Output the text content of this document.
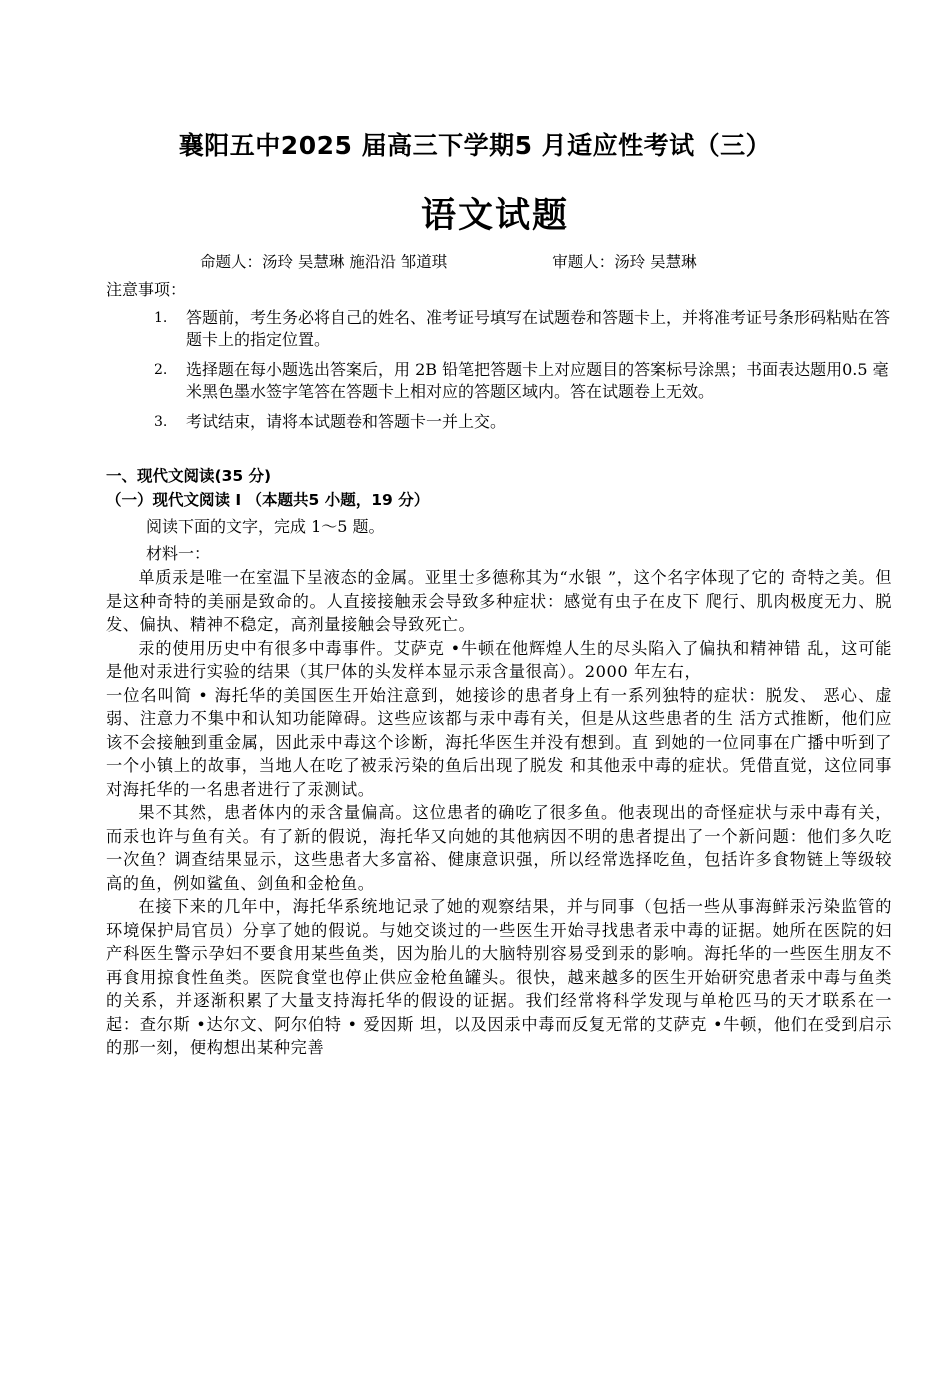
襄阳五中2025 届高三下学期5 月适应性考试（三）
语文试题
命题人：汤玲 吴慧琳 施沿沿 邹道琪	审题人：汤玲 吴慧琳
注意事项：
1. 答题前，考生务必将自己的姓名、准考证号填写在试题卷和答题卡上，并将准考证号条形码粘贴在答题卡上的指定位置。
2. 选择题在每小题选出答案后，用 2B 铅笔把答题卡上对应题目的答案标号涂黑；书面表达题用0.5 毫米黑色墨水签字笔答在答题卡上相对应的答题区域内。答在试题卷上无效。
3. 考试结束，请将本试题卷和答题卡一并上交。
一、现代文阅读(35 分)
（一）现代文阅读 Ⅰ （本题共5 小题，19 分）
阅读下面的文字，完成 1～5 题。
材料一：

单质汞是唯一在室温下呈液态的金属。亚里士多德称其为“水银 ”，这个名字体现了它的 奇特之美。但是这种奇特的美丽是致命的。人直接接触汞会导致多种症状：感觉有虫子在皮下 爬行、肌肉极度无力、脱发、偏执、精神不稳定，高剂量接触会导致死亡。

汞的使用历史中有很多中毒事件。艾萨克 •牛顿在他辉煌人生的尽头陷入了偏执和精神错 乱，这可能是他对汞进行实验的结果（其尸体的头发样本显示汞含量很高）。2000 年左右，

一位名叫简 • 海托华的美国医生开始注意到，她接诊的患者身上有一系列独特的症状：脱发、 恶心、虚弱、注意力不集中和认知功能障碍。这些应该都与汞中毒有关，但是从这些患者的生 活方式推断，他们应该不会接触到重金属，因此汞中毒这个诊断，海托华医生并没有想到。直 到她的一位同事在广播中听到了一个小镇上的故事，当地人在吃了被汞污染的鱼后出现了脱发 和其他汞中毒的症状。凭借直觉，这位同事对海托华的一名患者进行了汞测试。

果不其然，患者体内的汞含量偏高。这位患者的确吃了很多鱼。他表现出的奇怪症状与汞中毒有关，而汞也许与鱼有关。有了新的假说，海托华又向她的其他病因不明的患者提出了一个新问题：他们多久吃一次鱼？调查结果显示，这些患者大多富裕、健康意识强，所以经常选择吃鱼，包括许多食物链上等级较高的鱼，例如鲨鱼、剑鱼和金枪鱼。

在接下来的几年中，海托华系统地记录了她的观察结果，并与同事（包括一些从事海鲜汞污染监管的环境保护局官员）分享了她的假说。与她交谈过的一些医生开始寻找患者汞中毒的证据。她所在医院的妇产科医生警示孕妇不要食用某些鱼类，因为胎儿的大脑特别容易受到汞的影响。海托华的一些医生朋友不再食用掠食性鱼类。医院食堂也停止供应金枪鱼罐头。很快，越来越多的医生开始研究患者汞中毒与鱼类的关系，并逐渐积累了大量支持海托华的假设的证据。我们经常将科学发现与单枪匹马的天才联系在一起：查尔斯 •达尔文、阿尔伯特 • 爱因斯 坦，以及因汞中毒而反复无常的艾萨克 •牛顿，他们在受到启示的那一刻，便构想出某种完善
